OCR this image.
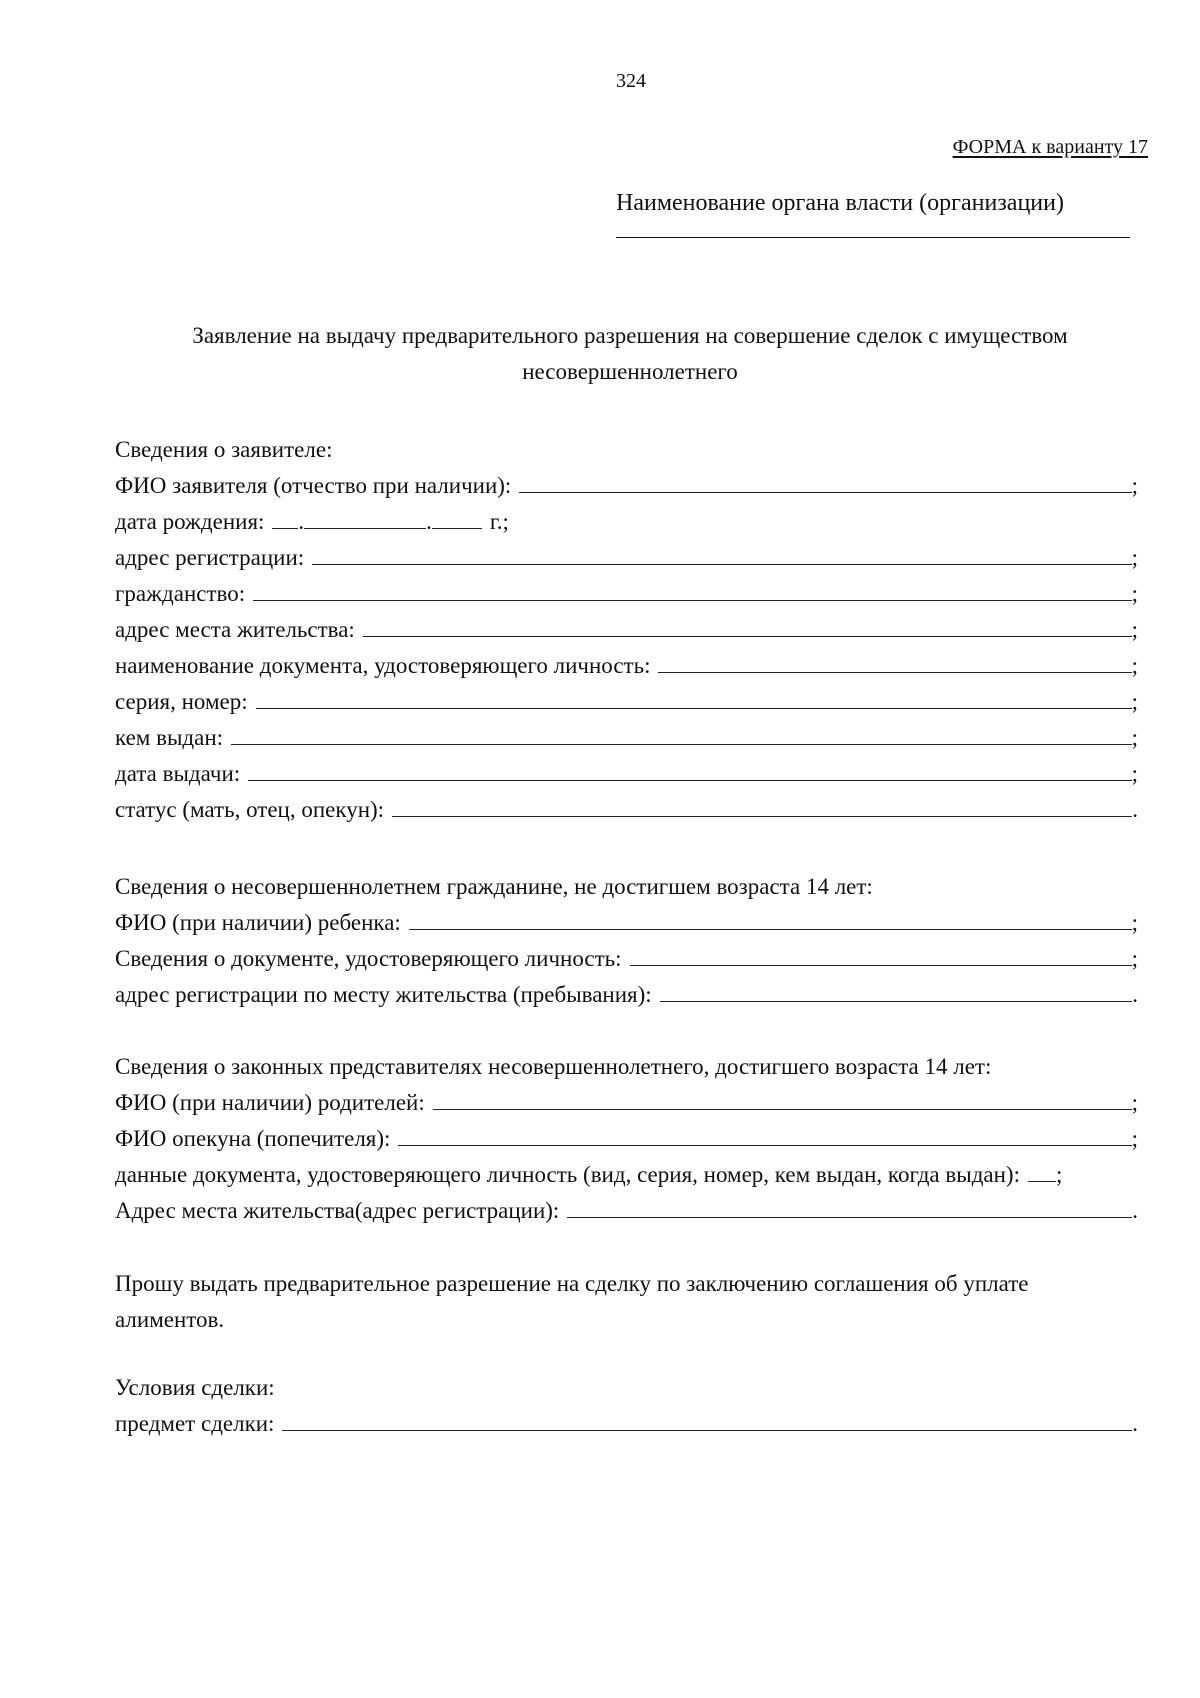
324
ФОРМА к варианту 17
Наименование органа власти (организации)
Заявление на выдачу предварительного разрешения на совершение сделок с имуществом несовершеннолетнего
Сведения о заявителе:
ФИО заявителя (отчество при наличии):	;
дата рождения: .	.	г.;
адрес регистрации:	;
гражданство:	;
адрес места жительства:	;
наименование документа, удостоверяющего личность:	;
серия, номер:	;
кем выдан:	;
дата выдачи:	;
статус (мать, отец, опекун):	.
Сведения о несовершеннолетнем гражданине, не достигшем возраста 14 лет:
ФИО (при наличии) ребенка:	;
Сведения о документе, удостоверяющего личность:	;
адрес регистрации по месту жительства (пребывания):	.
Сведения о законных представителях несовершеннолетнего, достигшего возраста 14 лет:
ФИО (при наличии) родителей:	;
ФИО опекуна (попечителя):	;
данные документа, удостоверяющего личность (вид, серия, номер, кем выдан, когда выдан): ;
Адрес места жительства(адрес регистрации):	.
Прошу выдать предварительное разрешение на сделку по заключению соглашения об уплате алиментов.
Условия сделки:
предмет сделки:	.
